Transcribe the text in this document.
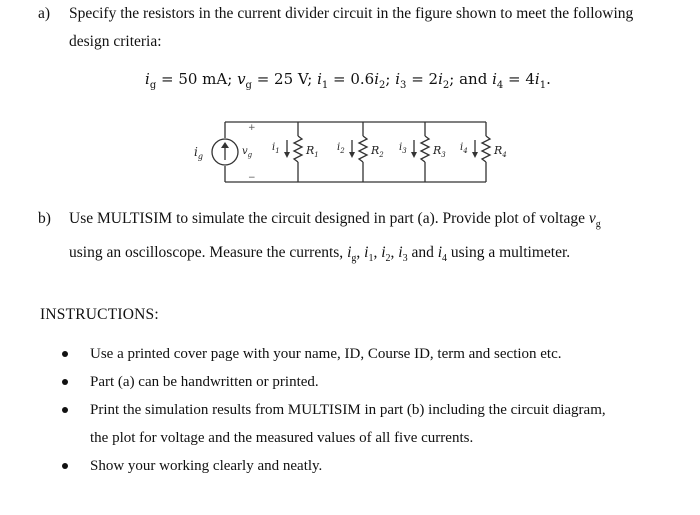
a) Specify the resistors in the current divider circuit in the figure shown to meet the following
design criteria:
$i_g = 50$ mA; $v_g = 25$ V; $i_1 = 0.6i_2$; $i_3 = 2i_2$; and $i_4 = 4i_1$.
$i_g$	$v_g$
+
−
$i_1$ $R_1$
$i_2$ $R_2$
$i_3$ $R_3$
$i_4$ $R_4$
b) Use MULTISIM to simulate the circuit designed in part (a). Provide plot of voltage $v_g$
using an oscilloscope. Measure the currents, $i_g$, $i_1$, $i_2$, $i_3$ and $i_4$ using a multimeter.
INSTRUCTIONS:
Use a printed cover page with your name, ID, Course ID, term and section etc.
Part (a) can be handwritten or printed.
Print the simulation results from MULTISIM in part (b) including the circuit diagram,
the plot for voltage and the measured values of all five currents.
Show your working clearly and neatly.
